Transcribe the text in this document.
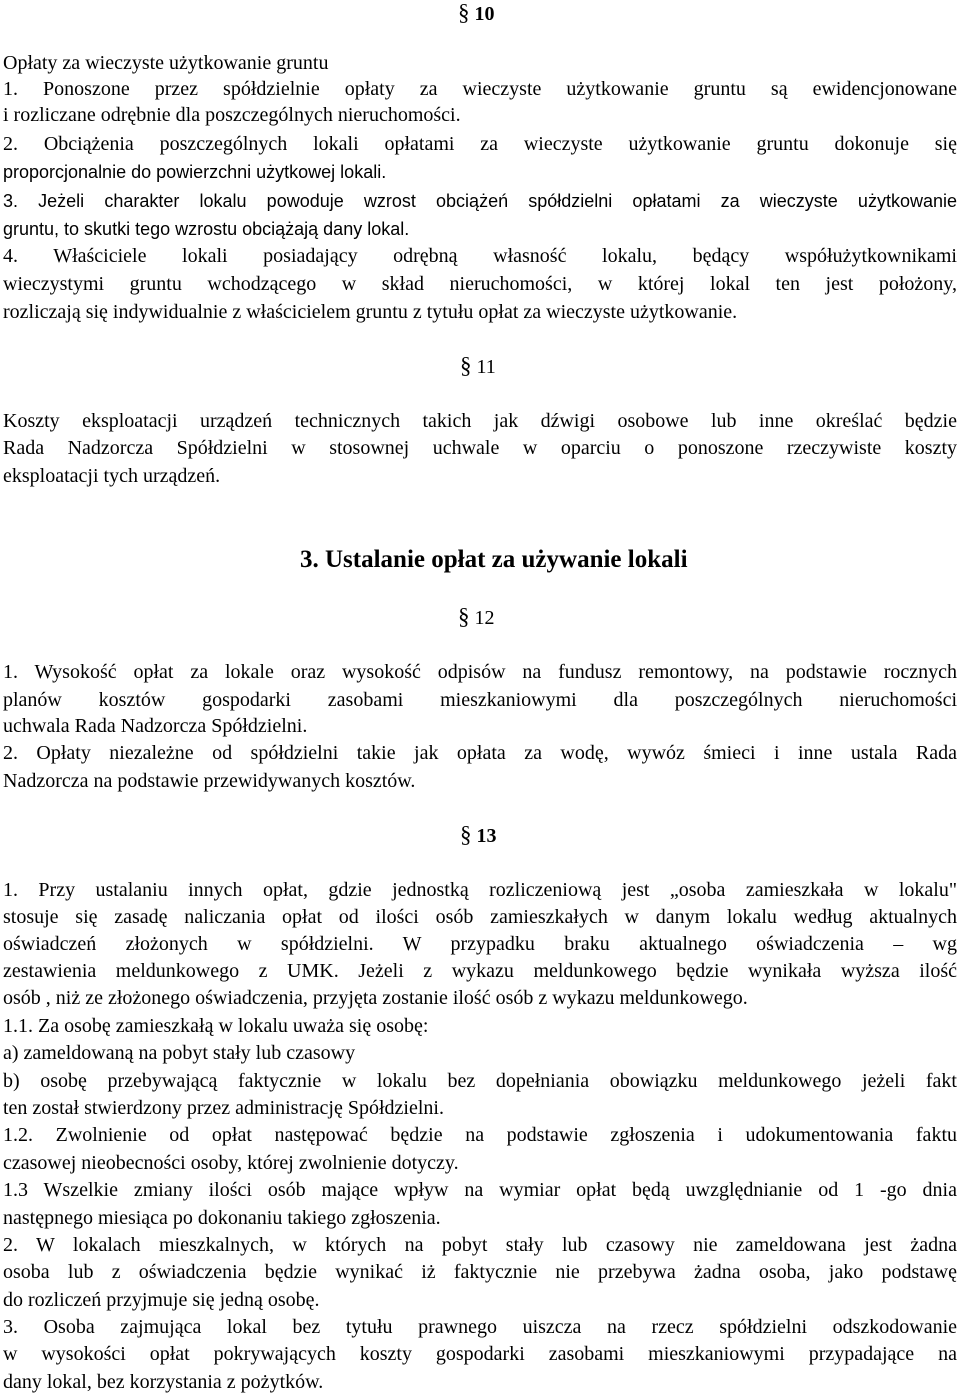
§ 10
Opłaty za wieczyste użytkowanie gruntu
1. Ponoszone przez spółdzielnie opłaty za wieczyste użytkowanie gruntu są ewidencjonowane
i rozliczane odrębnie dla poszczególnych nieruchomości.
2. Obciążenia poszczególnych lokali opłatami za wieczyste użytkowanie gruntu dokonuje się
proporcjonalnie do powierzchni użytkowej lokali.
3. Jeżeli charakter lokalu powoduje wzrost obciążeń spółdzielni opłatami za wieczyste użytkowanie
gruntu, to skutki tego wzrostu obciążają dany lokal.
4. Właściciele lokali posiadający odrębną własność lokalu, będący współużytkownikami
wieczystymi gruntu wchodzącego w skład nieruchomości, w której lokal ten jest położony,
rozliczają się indywidualnie z właścicielem gruntu z tytułu opłat za wieczyste użytkowanie.
§ 11
Koszty eksploatacji urządzeń technicznych takich jak dźwigi osobowe lub inne określać będzie
Rada Nadzorcza Spółdzielni w stosownej uchwale w oparciu o ponoszone rzeczywiste koszty
eksploatacji tych urządzeń.
3. Ustalanie opłat za używanie lokali
§ 12
1. Wysokość opłat za lokale oraz wysokość odpisów na fundusz remontowy, na podstawie rocznych
planów kosztów gospodarki zasobami mieszkaniowymi dla poszczególnych nieruchomości
uchwala Rada Nadzorcza Spółdzielni.
2. Opłaty niezależne od spółdzielni takie jak opłata za wodę, wywóz śmieci i inne ustala Rada
Nadzorcza na podstawie przewidywanych kosztów.
§ 13
1. Przy ustalaniu innych opłat, gdzie jednostką rozliczeniową jest „osoba zamieszkała w lokalu"
stosuje się zasadę naliczania opłat od ilości osób zamieszkałych w danym lokalu według aktualnych
oświadczeń złożonych w spółdzielni. W przypadku braku aktualnego oświadczenia – wg
zestawienia meldunkowego z UMK. Jeżeli z wykazu meldunkowego będzie wynikała wyższa ilość
osób , niż ze złożonego oświadczenia, przyjęta zostanie ilość osób z wykazu meldunkowego.
1.1. Za osobę zamieszkałą w lokalu uważa się osobę:
a) zameldowaną na pobyt stały lub czasowy
b) osobę przebywającą faktycznie w lokalu bez dopełniania obowiązku meldunkowego jeżeli fakt
ten został stwierdzony przez administrację Spółdzielni.
1.2. Zwolnienie od opłat następować będzie na podstawie zgłoszenia i udokumentowania faktu
czasowej nieobecności osoby, której zwolnienie dotyczy.
1.3 Wszelkie zmiany ilości osób mające wpływ na wymiar opłat będą uwzględnianie od 1 -go dnia
następnego miesiąca po dokonaniu takiego zgłoszenia.
2. W lokalach mieszkalnych, w których na pobyt stały lub czasowy nie zameldowana jest żadna
osoba lub z oświadczenia będzie wynikać iż faktycznie nie przebywa żadna osoba, jako podstawę
do rozliczeń przyjmuje się jedną osobę.
3. Osoba zajmująca lokal bez tytułu prawnego uiszcza na rzecz spółdzielni odszkodowanie
w wysokości opłat pokrywających koszty gospodarki zasobami mieszkaniowymi przypadające na
dany lokal, bez korzystania z pożytków.
